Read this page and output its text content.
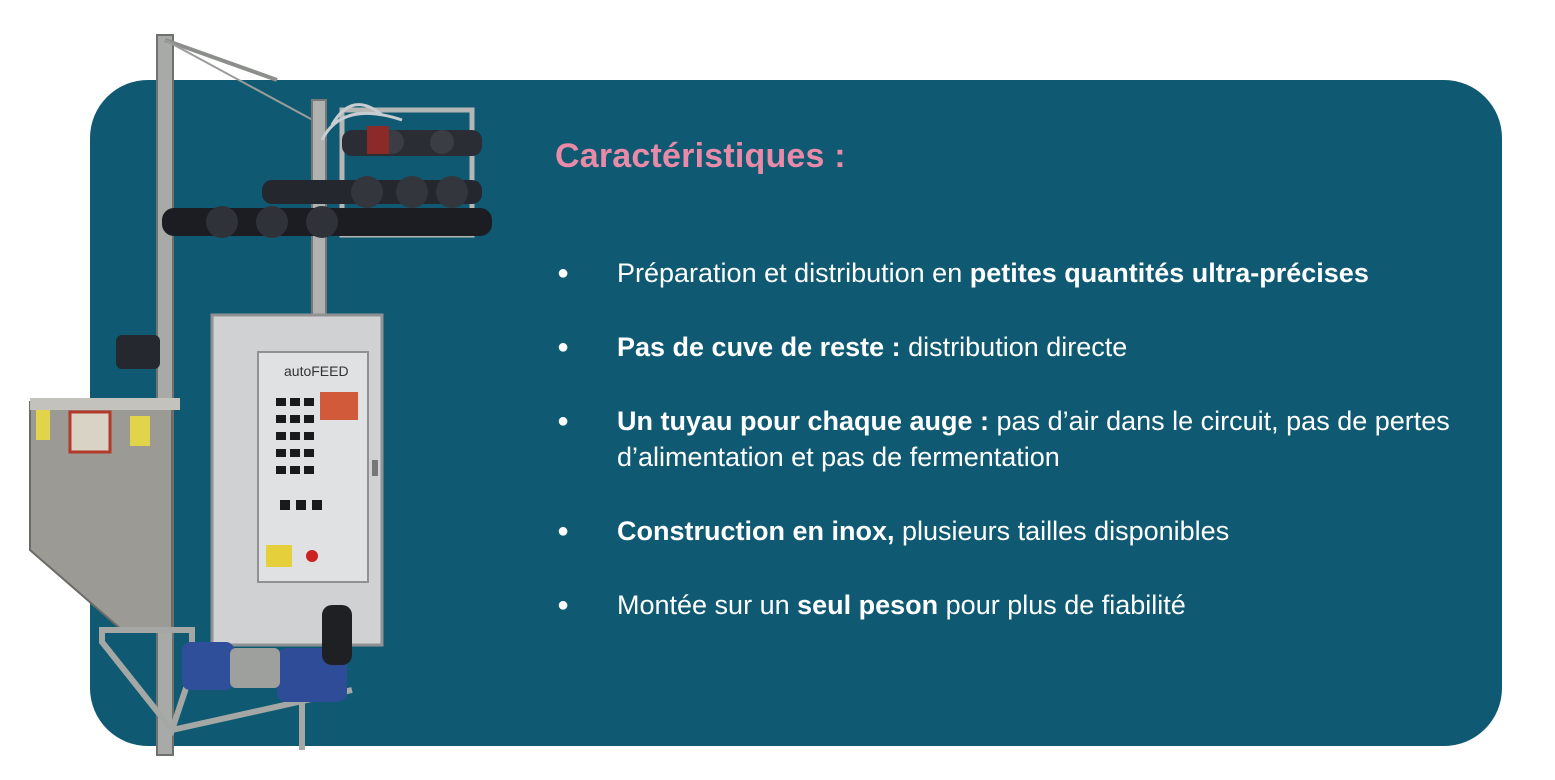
autoFEED
Caractéristiques :
● Préparation et distribution en petites quantités ultra-précises
● Pas de cuve de reste : distribution directe
● Un tuyau pour chaque auge : pas d’air dans le circuit, pas de pertes d’alimentation et pas de fermentation
● Construction en inox, plusieurs tailles disponibles
● Montée sur un seul peson pour plus de fiabilité
